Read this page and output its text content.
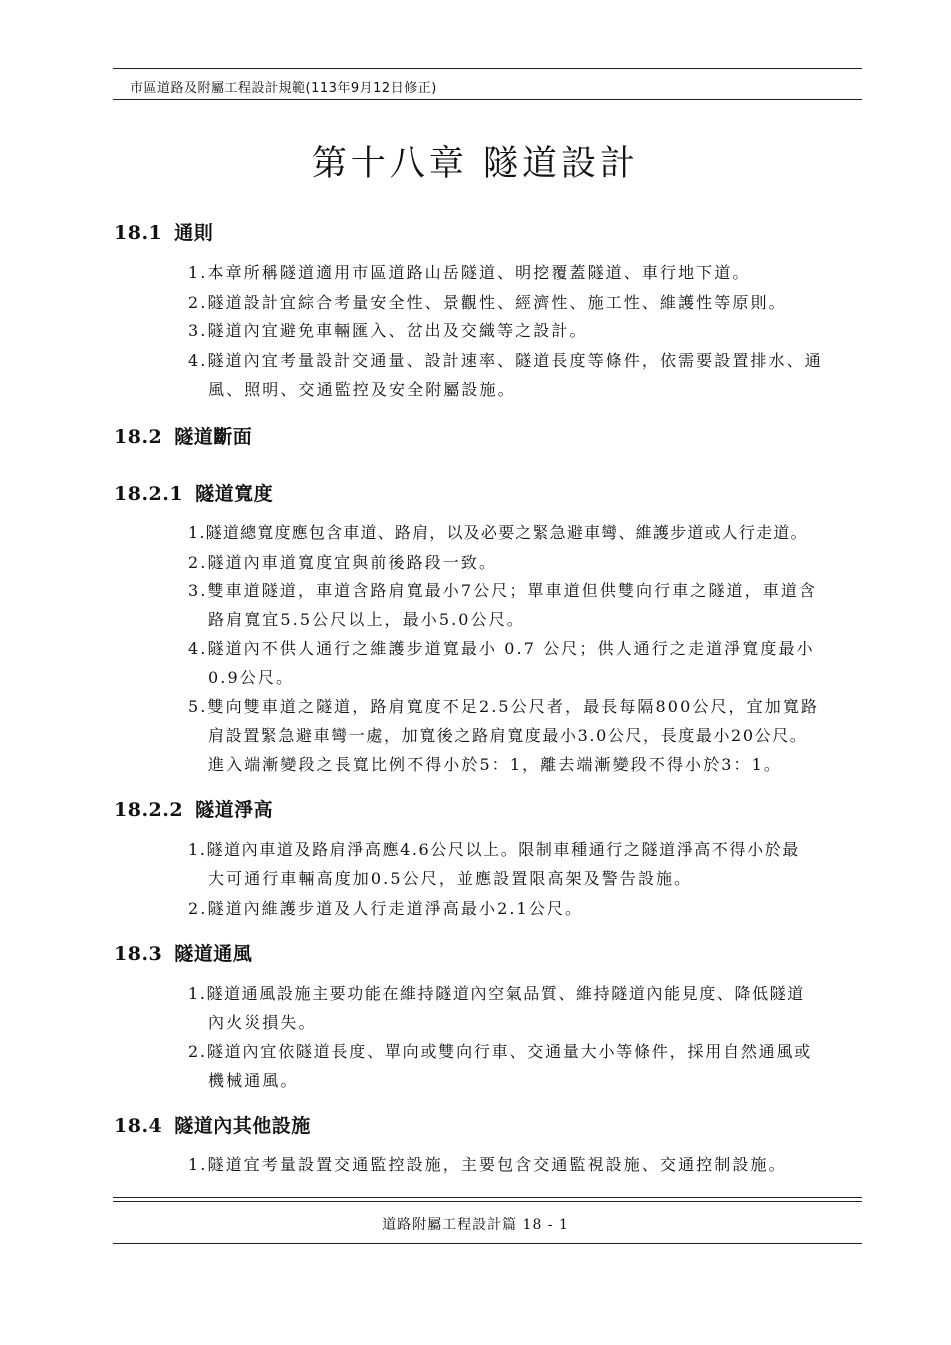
市區道路及附屬工程設計規範(113年9月12日修正)
第十八章 隧道設計
18.1 通則
1.本章所稱隧道適用市區道路山岳隧道、明挖覆蓋隧道、車行地下道。
2.隧道設計宜綜合考量安全性、景觀性、經濟性、施工性、維護性等原則。
3.隧道內宜避免車輛匯入、岔出及交織等之設計。
4.隧道內宜考量設計交通量、設計速率、隧道長度等條件，依需要設置排水、通
風、照明、交通監控及安全附屬設施。
18.2 隧道斷面
18.2.1 隧道寬度
1.隧道總寬度應包含車道、路肩，以及必要之緊急避車彎、維護步道或人行走道。
2.隧道內車道寬度宜與前後路段一致。
3.雙車道隧道，車道含路肩寬最小7公尺；單車道但供雙向行車之隧道，車道含
路肩寬宜5.5公尺以上，最小5.0公尺。
4.隧道內不供人通行之維護步道寬最小 0.7 公尺；供人通行之走道淨寬度最小
0.9公尺。
5.雙向雙車道之隧道，路肩寬度不足2.5公尺者，最長每隔800公尺，宜加寬路
肩設置緊急避車彎一處，加寬後之路肩寬度最小3.0公尺，長度最小20公尺。
進入端漸變段之長寬比例不得小於5：1，離去端漸變段不得小於3：1。
18.2.2 隧道淨高
1.隧道內車道及路肩淨高應4.6公尺以上。限制車種通行之隧道淨高不得小於最
大可通行車輛高度加0.5公尺，並應設置限高架及警告設施。
2.隧道內維護步道及人行走道淨高最小2.1公尺。
18.3 隧道通風
1.隧道通風設施主要功能在維持隧道內空氣品質、維持隧道內能見度、降低隧道
內火災損失。
2.隧道內宜依隧道長度、單向或雙向行車、交通量大小等條件，採用自然通風或
機械通風。
18.4 隧道內其他設施
1.隧道宜考量設置交通監控設施，主要包含交通監視設施、交通控制設施。
道路附屬工程設計篇 18 - 1
